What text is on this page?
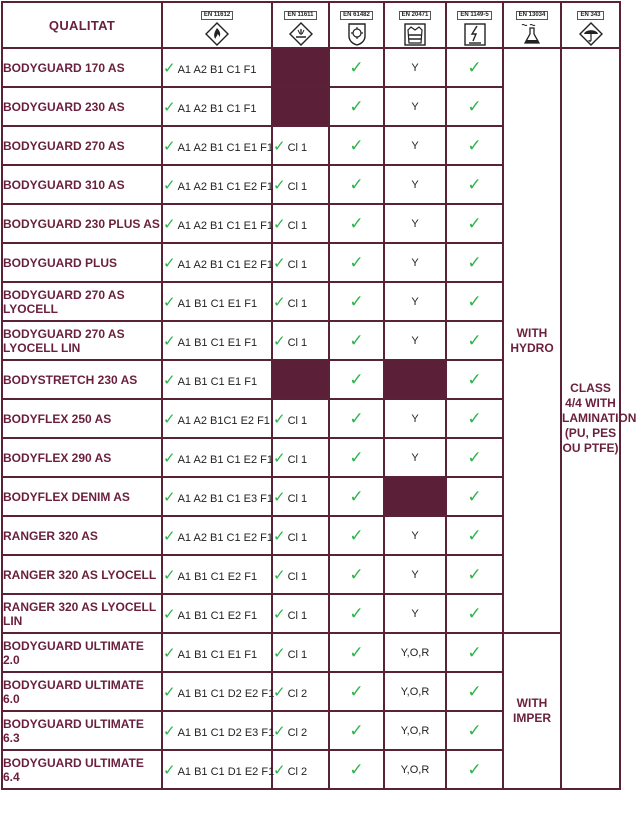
QUALITAT	EN 11612	EN 11611	EN 61482	EN 20471	EN 1149-5	EN 13034	EN 343

BODYGUARD 170 AS	✓ A1 A2 B1 C1 F1		✓	Y	✓	WITH HYDRO	CLASS 4/4 WITH LAMINATION (PU, PES OU PTFE)
BODYGUARD 230 AS	✓ A1 A2 B1 C1 F1		✓	Y	✓		
BODYGUARD 270 AS	✓ A1 A2 B1 C1 E1 F1	✓ Cl 1	✓	Y	✓		
BODYGUARD 310 AS	✓ A1 A2 B1 C1 E2 F1	✓ Cl 1	✓	Y	✓		
BODYGUARD 230 PLUS AS	✓ A1 A2 B1 C1 E1 F1	✓ Cl 1	✓	Y	✓		
BODYGUARD PLUS	✓ A1 A2 B1 C1 E2 F1	✓ Cl 1	✓	Y	✓		
BODYGUARD 270 AS LYOCELL	✓ A1 B1 C1 E1 F1	✓ Cl 1	✓	Y	✓		
BODYGUARD 270 AS LYOCELL LIN	✓ A1 B1 C1 E1 F1	✓ Cl 1	✓	Y	✓		
BODYSTRETCH 230 AS	✓ A1 B1 C1 E1 F1		✓		✓		
BODYFLEX 250 AS	✓ A1 A2 B1C1 E2 F1	✓ Cl 1	✓	Y	✓		
BODYFLEX 290 AS	✓ A1 A2 B1 C1 E2 F1	✓ Cl 1	✓	Y	✓		
BODYFLEX DENIM AS	✓ A1 A2 B1 C1 E3 F1	✓ Cl 1	✓		✓		
RANGER 320 AS	✓ A1 A2 B1 C1 E2 F1	✓ Cl 1	✓	Y	✓		
RANGER 320 AS LYOCELL	✓ A1 B1 C1 E2 F1	✓ Cl 1	✓	Y	✓		
RANGER 320 AS LYOCELL LIN	✓ A1 B1 C1 E2 F1	✓ Cl 1	✓	Y	✓		
BODYGUARD ULTIMATE 2.0	✓ A1 B1 C1 E1 F1	✓ Cl 1	✓	Y,O,R	✓	WITH IMPER	
BODYGUARD ULTIMATE 6.0	✓ A1 B1 C1 D2 E2 F1	✓ Cl 2	✓	Y,O,R	✓		
BODYGUARD ULTIMATE 6.3	✓ A1 B1 C1 D2 E3 F1	✓ Cl 2	✓	Y,O,R	✓		
BODYGUARD ULTIMATE 6.4	✓ A1 B1 C1 D1 E2 F1	✓ Cl 2	✓	Y,O,R	✓		
